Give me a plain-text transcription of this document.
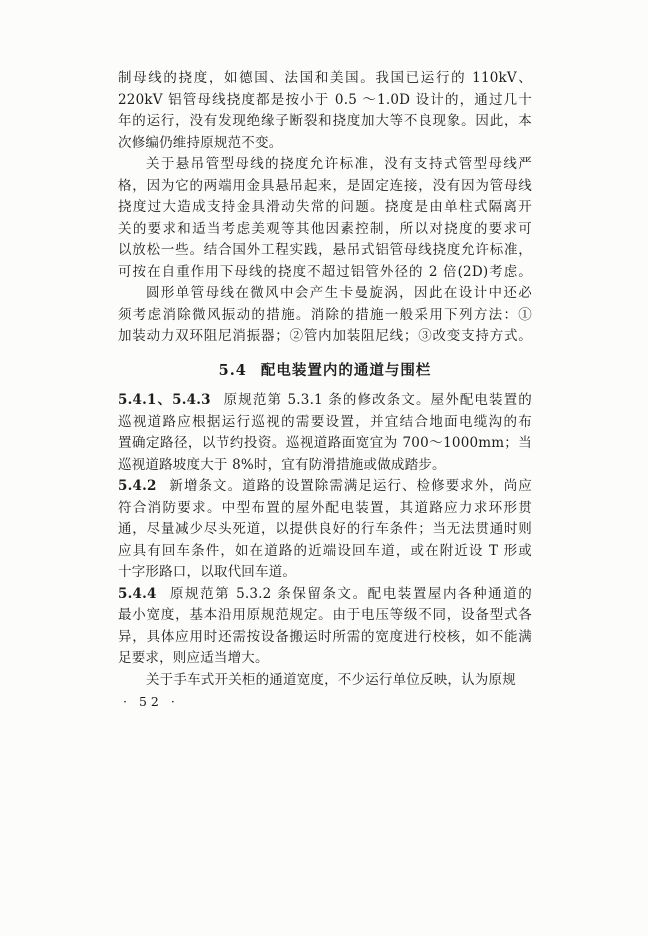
制母线的挠度，如德国、法国和美国。我国已运行的 110kV、
220kV 铝管母线挠度都是按小于 0.5 ～1.0D 设计的，通过几十
年的运行，没有发现绝缘子断裂和挠度加大等不良现象。因此，本
次修编仍维持原规范不变。
关于悬吊管型母线的挠度允许标准，没有支持式管型母线严
格，因为它的两端用金具悬吊起来，是固定连接，没有因为管母线
挠度过大造成支持金具滑动失常的问题。挠度是由单柱式隔离开
关的要求和适当考虑美观等其他因素控制，所以对挠度的要求可
以放松一些。结合国外工程实践，悬吊式铝管母线挠度允许标准，
可按在自重作用下母线的挠度不超过铝管外径的 2 倍(2D)考虑。
圆形单管母线在微风中会产生卡曼旋涡，因此在设计中还必
须考虑消除微风振动的措施。消除的措施一般采用下列方法：①
加装动力双环阻尼消振器；②管内加装阻尼线；③改变支持方式。
5.4 配电装置内的通道与围栏
5.4.1、5.4.3 原规范第 5.3.1 条的修改条文。屋外配电装置的
巡视道路应根据运行巡视的需要设置，并宜结合地面电缆沟的布
置确定路径，以节约投资。巡视道路面宽宜为 700～1000mm；当
巡视道路坡度大于 8%时，宜有防滑措施或做成踏步。
5.4.2 新增条文。道路的设置除需满足运行、检修要求外，尚应
符合消防要求。中型布置的屋外配电装置，其道路应力求环形贯
通，尽量减少尽头死道，以提供良好的行车条件；当无法贯通时则
应具有回车条件，如在道路的近端设回车道，或在附近设 T 形或
十字形路口，以取代回车道。
5.4.4 原规范第 5.3.2 条保留条文。配电装置屋内各种通道的
最小宽度，基本沿用原规范规定。由于电压等级不同，设备型式各
异，具体应用时还需按设备搬运时所需的宽度进行校核，如不能满
足要求，则应适当增大。
关于手车式开关柜的通道宽度，不少运行单位反映，认为原规
· 52 ·
